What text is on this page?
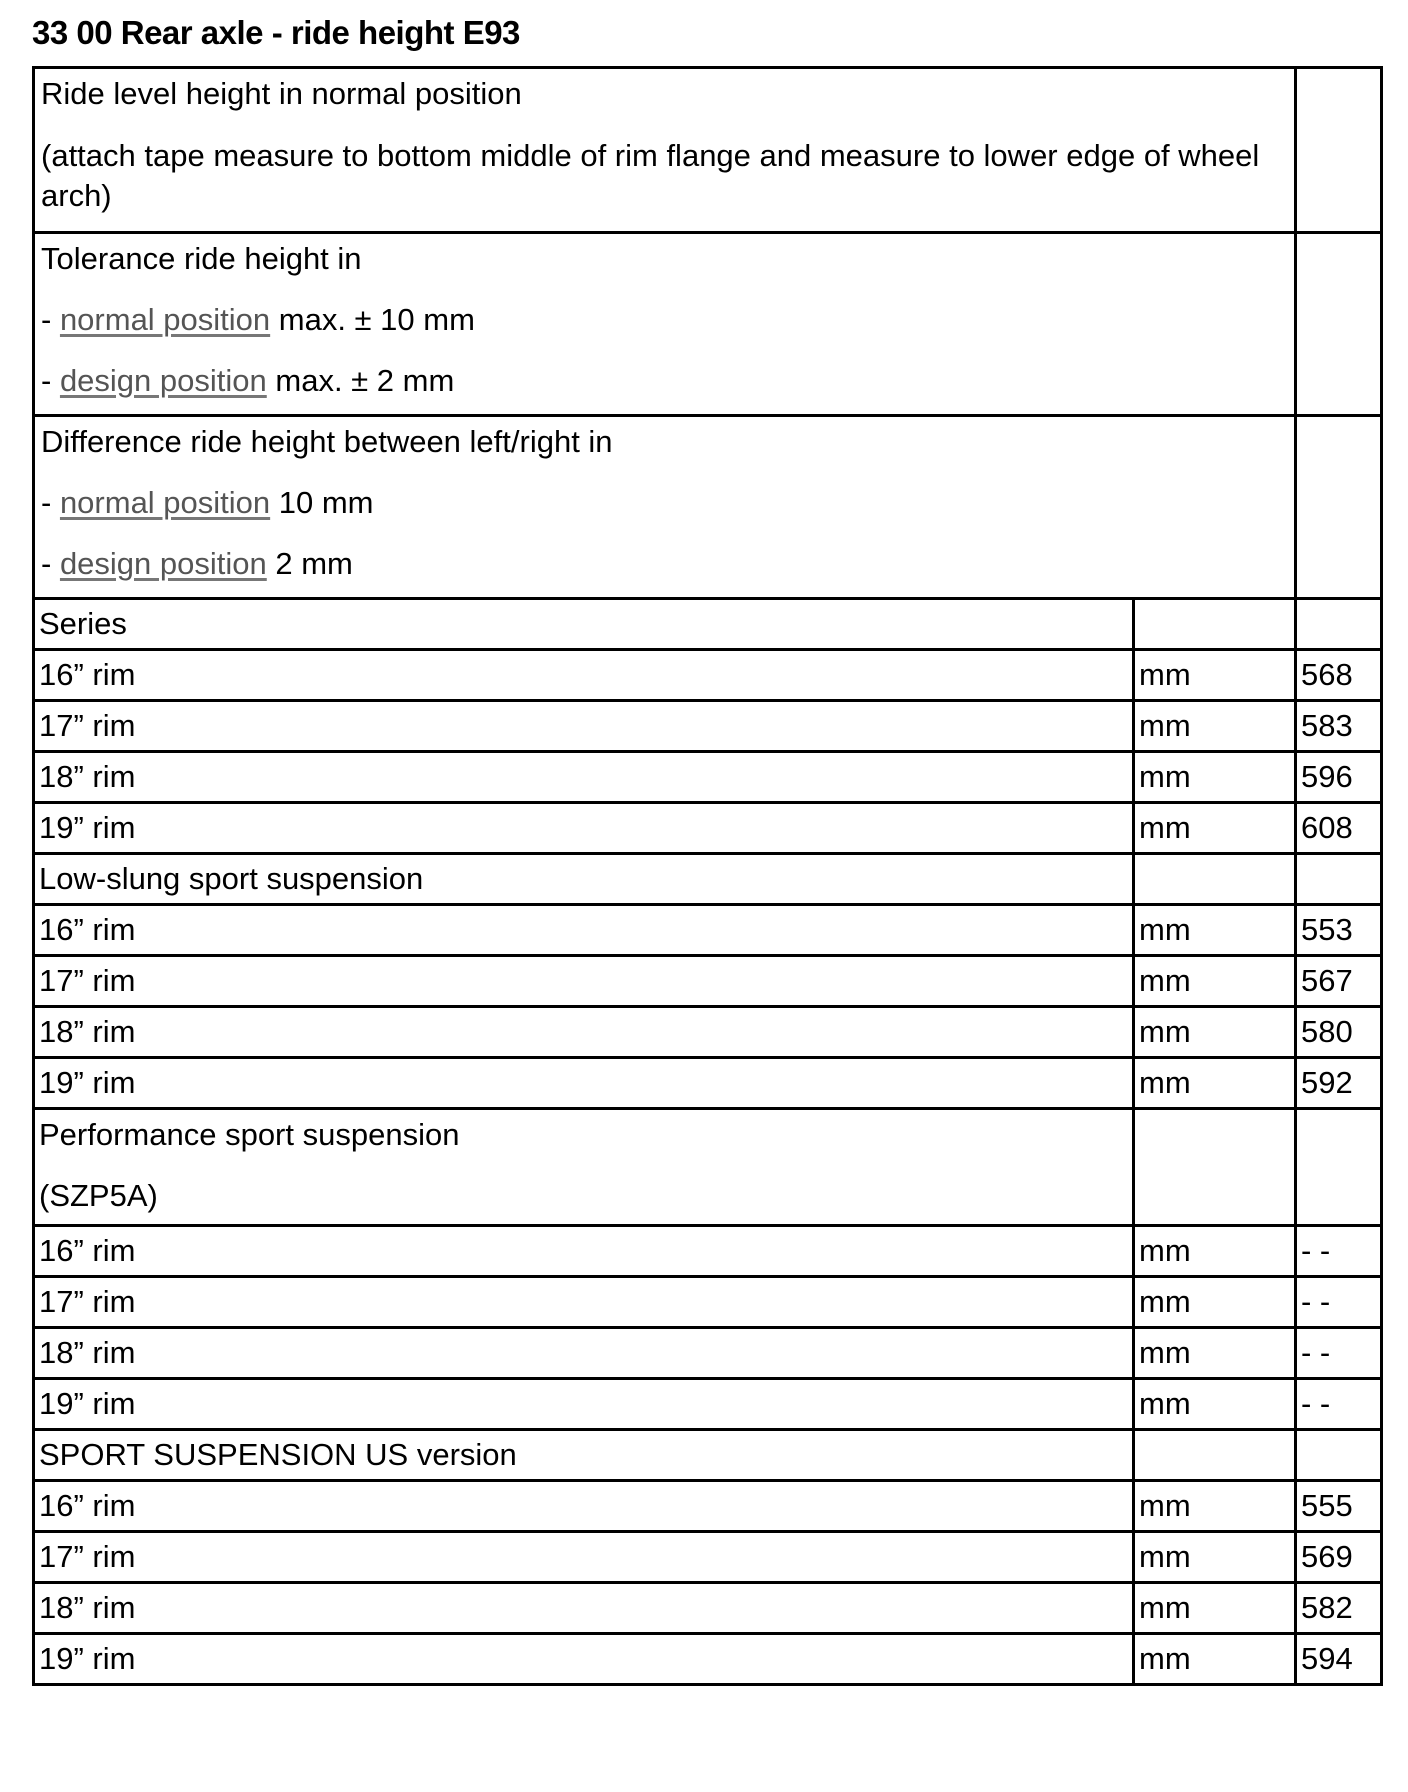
33 00 Rear axle - ride height E93
Ride level height in normal position
(attach tape measure to bottom middle of rim flange and measure to lower edge of wheel arch)		

Tolerance ride height in
- normal position max. ± 10 mm
- design position max. ± 2 mm		

Difference ride height between left/right in
- normal position 10 mm
- design position 2 mm		

Series		
16” rim	mm	568
17” rim	mm	583
18” rim	mm	596
19” rim	mm	608
Low-slung sport suspension		
16” rim	mm	553
17” rim	mm	567
18” rim	mm	580
19” rim	mm	592
Performance sport suspension
(SZP5A)		

16” rim	mm	- -
17” rim	mm	- -
18” rim	mm	- -
19” rim	mm	- -
SPORT SUSPENSION US version		
16” rim	mm	555
17” rim	mm	569
18” rim	mm	582
19” rim	mm	594
